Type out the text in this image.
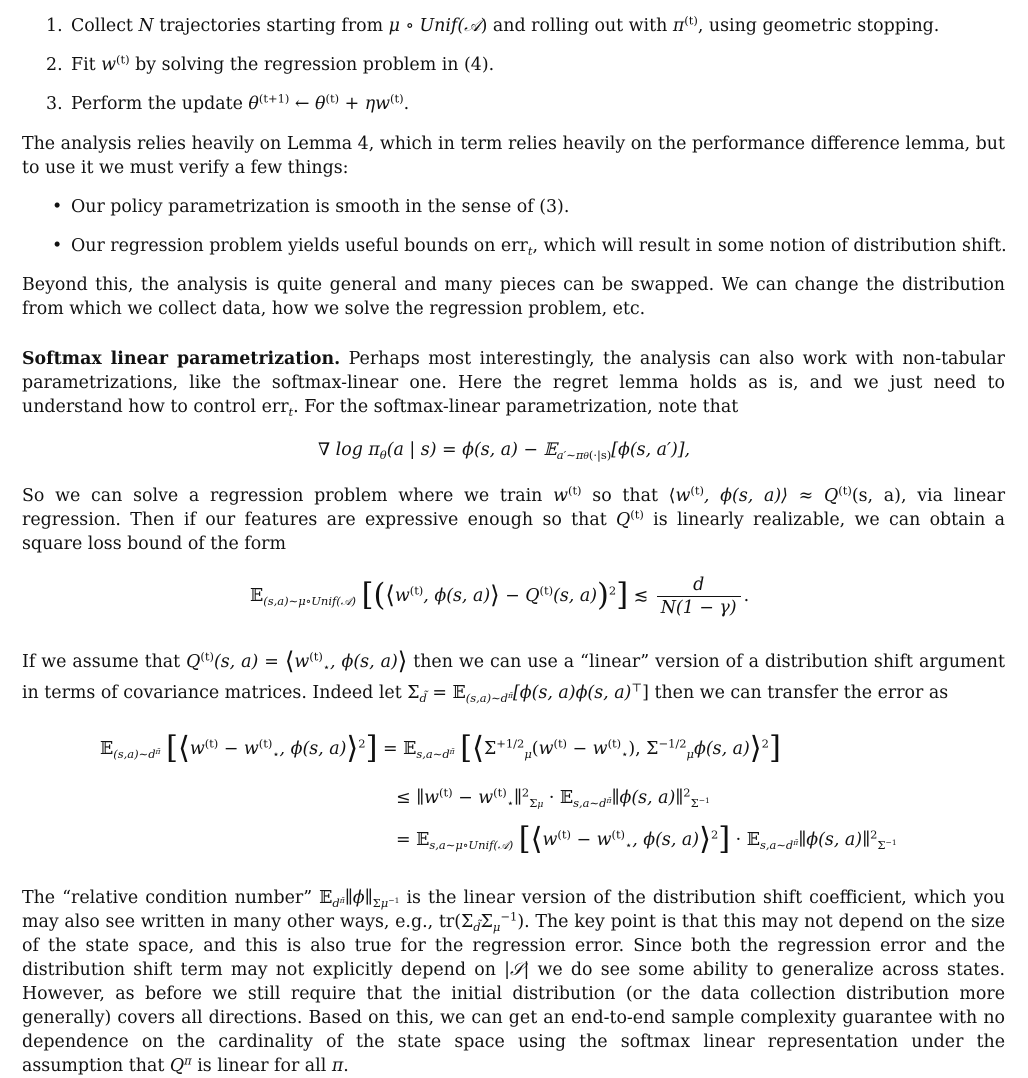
1. Collect N trajectories starting from μ ∘ Unif(𝒜) and rolling out with $\pi^{(t)}$, using geometric stopping.
2. Fit $w^{(t)}$ by solving the regression problem in (4).
3. Perform the update $\theta^{(t+1)}$ ← $\theta^{(t)} + \eta w^{(t)}$.
The analysis relies heavily on Lemma 4, which in term relies heavily on the performance difference lemma, but to use it we must verify a few things:
• Our policy parametrization is smooth in the sense of (3).
• Our regression problem yields useful bounds on err$_t$, which will result in some notion of distribution shift.
Beyond this, the analysis is quite general and many pieces can be swapped. We can change the distribution from which we collect data, how we solve the regression problem, etc.
Softmax linear parametrization. Perhaps most interestingly, the analysis can also work with non-tabular parametrizations, like the softmax-linear one. Here the regret lemma holds as is, and we just need to understand how to control err$_t$. For the softmax-linear parametrization, note that
∇ $\log \pi_\theta(a$ | s) = ϕ(s, a) − 𝔼$_{a'\sim\pi\theta(\cdot|s)}$[ϕ(s, a′)],
So we can solve a regression problem where we train $w^{(t)}$ so that $⟨w^{(t)}$, ϕ(s, a)⟩ ≈ $Q^{(t)}(s$, a), via linear regression. Then if our features are expressive enough so that $Q^{(t)}$ is linearly realizable, we can obtain a square loss bound of the form
𝔼$_{(s,a)\sim\mu\circ Unif(𝒜)}$ [($⟨w^{(t)}$, ϕ(s, a)⟩ − $Q^{(t)}(s$, a))$^2$] ≲ $\frac{d}{N(1 - \gamma)}$ .
If we assume that $Q^{(t)}(s$, $a) = ⟨w^{(t)}_⋆$, ϕ(s, a)⟩ then we can use a “linear” version of a distribution shift argument in terms of covariance matrices. Indeed let $\Sigma_{d̃}$ = 𝔼$_{(s,a)\sim d^{\pĩ}}$[ϕ(s, a)ϕ(s, a)⊤] then we can transfer the error as
𝔼$_{(s,a)\sim d^{\pĩ}}$ [$⟨w^{(t)} - w^{(t)}_⋆$, ϕ(s, a)⟩$^2$] = 𝔼$_{s,a\sim d^{\pĩ}}$ [$⟨\Sigma^{+1/2}_\mu(w^{(t)} - w^{(t)}_⋆)$, $\Sigma^{-1/2}_\mu\phi(s$, a)⟩$^2$]
≤ $\parallel w^{(t)}$ − $w^{(t)}_⋆\parallel^2_{\Sigma\mu}$ · 𝔼$_{s,a\sim d^{\pĩ}}$∥ϕ(s, a)∥$^2_{\Sigma^{-1}}$
= 𝔼$_{s,a\sim\mu\circ Unif(𝒜)}$ [$⟨w^{(t)} - w^{(t)}_⋆$, ϕ(s, a)⟩$^2$] · 𝔼$_{s,a\sim d^{\pĩ}}$∥ϕ(s, a)∥$^2_{\Sigma^{-1}}$
The “relative condition number” $𝔼_{d^{\pĩ}}\parallel\phi\parallel_{\Sigma\mu^{-1}}$ is the linear version of the distribution shift coefficient, which you may also see written in many other ways, e.g., $tr(\Sigma_{d̃}\Sigma_\mu^{-1})$. The key point is that this may not depend on the size of the state space, and this is also true for the regression error. Since both the regression error and the distribution shift term may not explicitly depend on |𝒮| we do see some ability to generalize across states. However, as before we still require that the initial distribution (or the data collection distribution more generally) covers all directions. Based on this, we can get an end-to-end sample complexity guarantee with no dependence on the cardinality of the state space using the softmax linear representation under the assumption that $Q^\pi$ is linear for all π.
